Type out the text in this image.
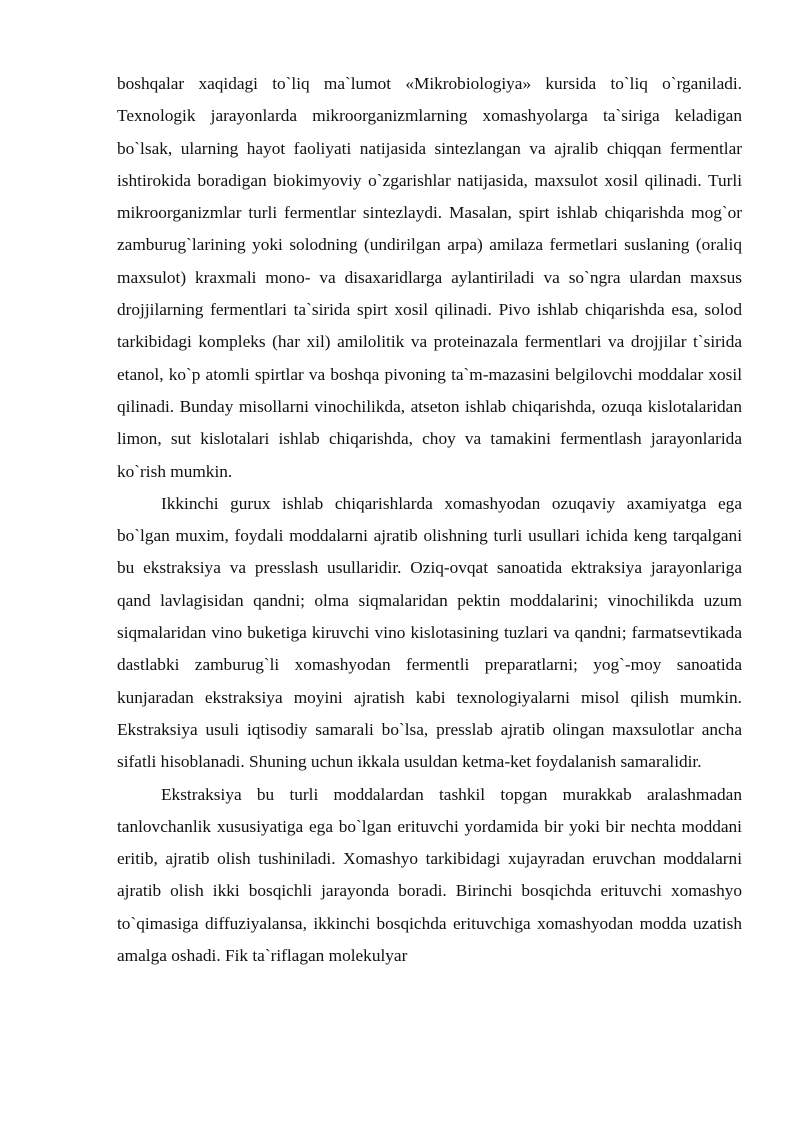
boshqalar xaqidagi to`liq ma`lumot «Mikrobiologiya» kursida to`liq o`rganiladi. Texnologik jarayonlarda mikroorganizmlarning xomashyolarga ta`siriga keladigan bo`lsak, ularning hayot faoliyati natijasida sintezlangan va ajralib chiqqan fermentlar ishtirokida boradigan biokimyoviy o`zgarishlar natijasida, maxsulot xosil qilinadi. Turli mikroorganizmlar turli fermentlar sintezlaydi. Masalan, spirt ishlab chiqarishda mog`or zamburug`larining yoki solodning (undirilgan arpa) amilaza fermetlari suslaning (oraliq maxsulot) kraxmali mono- va disaxaridlarga aylantiriladi va so`ngra ulardan maxsus drojjilarning fermentlari ta`sirida spirt xosil qilinadi. Pivo ishlab chiqarishda esa, solod tarkibidagi kompleks (har xil) amilolitik va proteinazala fermentlari va drojjilar t`sirida etanol, ko`p atomli spirtlar va boshqa pivoning ta`m-mazasini belgilovchi moddalar xosil qilinadi. Bunday misollarni vinochilikda, atseton ishlab chiqarishda, ozuqa kislotalaridan limon, sut kislotalari ishlab chiqarishda, choy va tamakini fermentlash jarayonlarida ko`rish mumkin.

Ikkinchi gurux ishlab chiqarishlarda xomashyodan ozuqaviy axamiyatga ega bo`lgan muxim, foydali moddalarni ajratib olishning turli usullari ichida keng tarqalgani bu ekstraksiya va presslash usullaridir. Oziq-ovqat sanoatida ektraksiya jarayonlariga qand lavlagisidan qandni; olma siqmalaridan pektin moddalarini; vinochilikda uzum siqmalaridan vino buketiga kiruvchi vino kislotasining tuzlari va qandni; farmatsevtikada dastlabki zamburug`li xomashyodan fermentli preparatlarni; yog`-moy sanoatida kunjaradan ekstraksiya moyini ajratish kabi texnologiyalarni misol qilish mumkin. Ekstraksiya usuli iqtisodiy samarali bo`lsa, presslab ajratib olingan maxsulotlar ancha sifatli hisoblanadi. Shuning uchun ikkala usuldan ketma-ket foydalanish samaralidir.

Ekstraksiya bu turli moddalardan tashkil topgan murakkab aralashmadan tanlovchanlik xususiyatiga ega bo`lgan erituvchi yordamida bir yoki bir nechta moddani eritib, ajratib olish tushiniladi. Xomashyo tarkibidagi xujayradan eruvchan moddalarni ajratib olish ikki bosqichli jarayonda boradi. Birinchi bosqichda erituvchi xomashyo to`qimasiga diffuziyalansa, ikkinchi bosqichda erituvchiga xomashyodan modda uzatish amalga oshadi. Fik ta`riflagan molekulyar
